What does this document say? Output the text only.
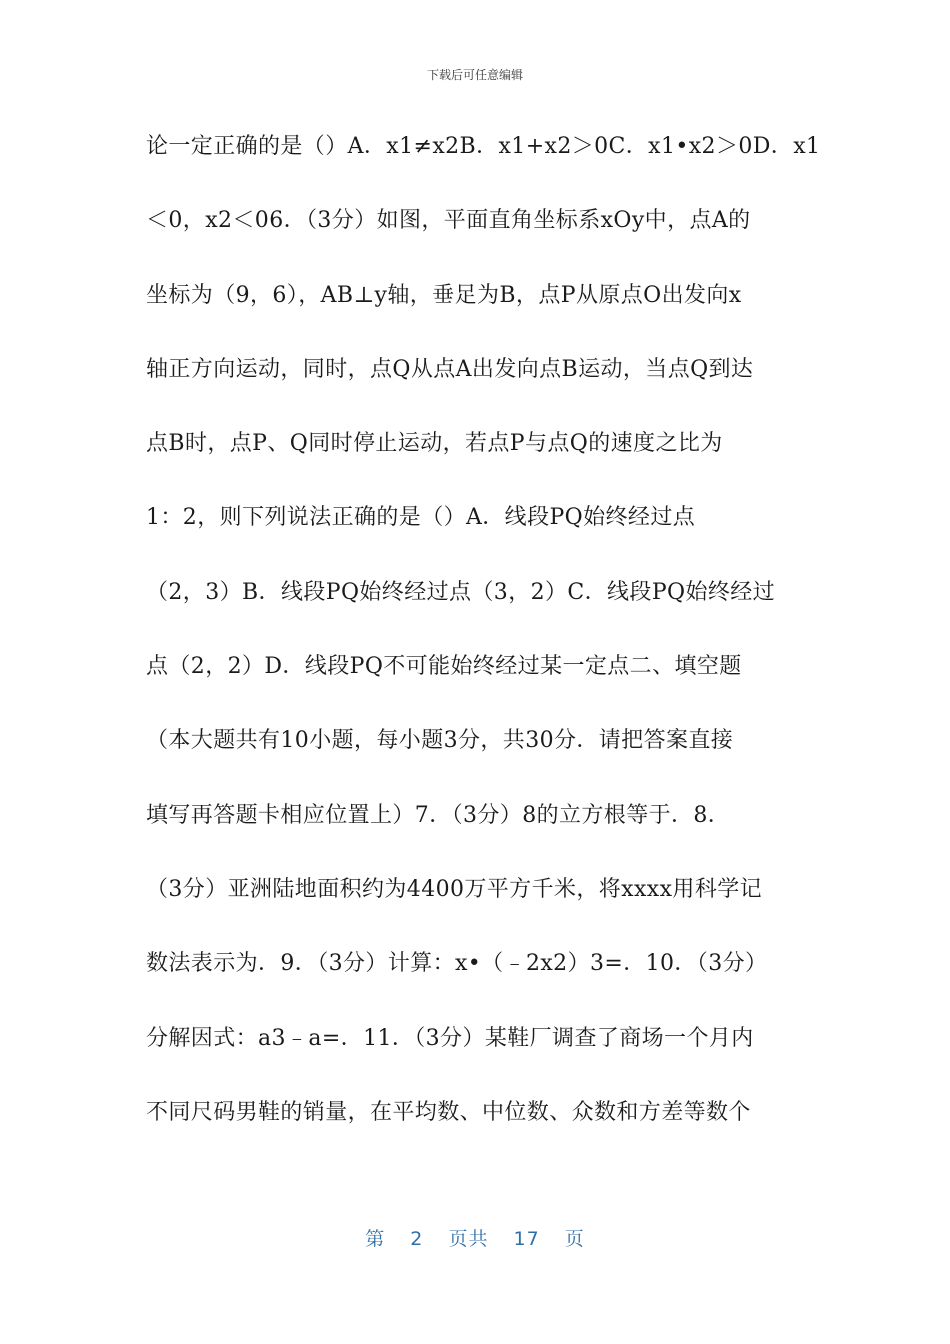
下载后可任意编辑
论一定正确的是（）A．x1≠x2B．x1+x2＞0C．x1•x2＞0D．x1
＜0，x2＜06．（3分）如图，平面直角坐标系xOy中，点A的
坐标为（9，6），AB⊥y轴，垂足为B，点P从原点O出发向x
轴正方向运动，同时，点Q从点A出发向点B运动，当点Q到达
点B时，点P、Q同时停止运动，若点P与点Q的速度之比为
1：2，则下列说法正确的是（）A．线段PQ始终经过点
（2，3）B．线段PQ始终经过点（3，2）C．线段PQ始终经过
点（2，2）D．线段PQ不可能始终经过某一定点二、填空题
（本大题共有10小题，每小题3分，共30分．请把答案直接
填写再答题卡相应位置上）7．（3分）8的立方根等于．8．
（3分）亚洲陆地面积约为4400万平方千米，将xxxx用科学记
数法表示为．9．（3分）计算：x•（﹣2x2）3=．10．（3分）
分解因式：a3﹣a=．11．（3分）某鞋厂调查了商场一个月内
不同尺码男鞋的销量，在平均数、中位数、众数和方差等数个
第 2 页共 17 页
